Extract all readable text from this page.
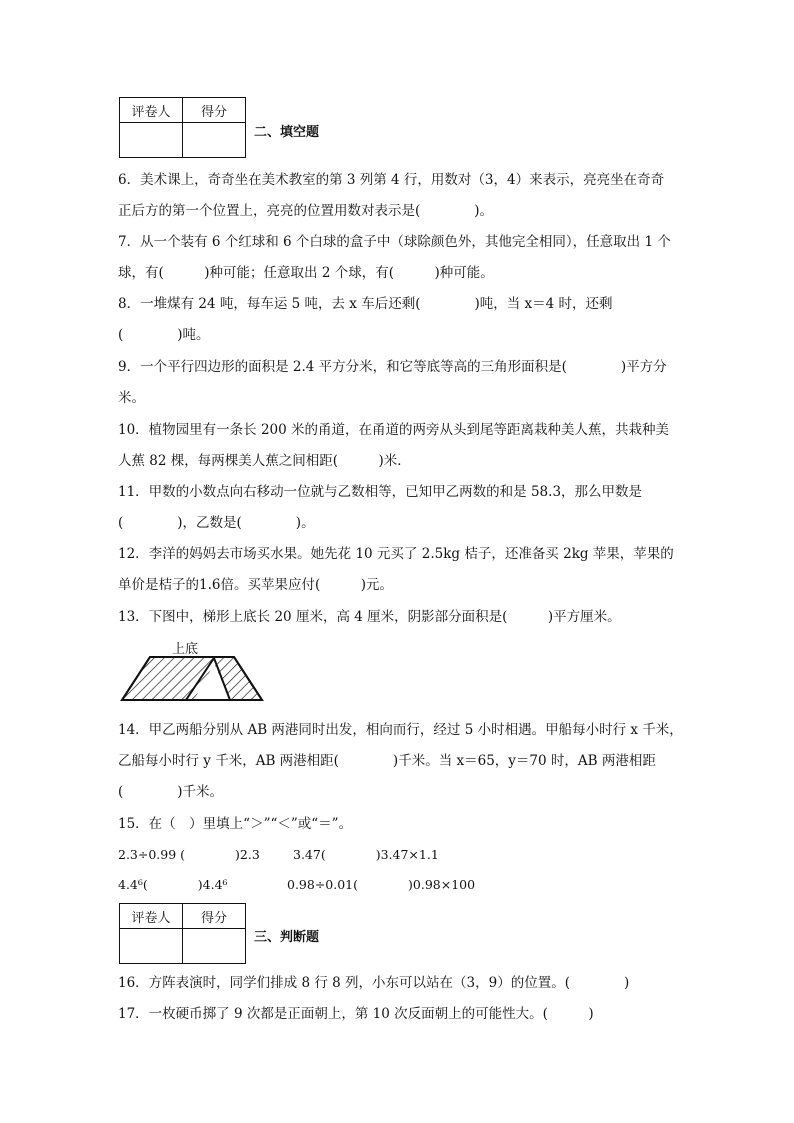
评卷人	得分

二、填空题
6．美术课上，奇奇坐在美术教室的第 3 列第 4 行，用数对（3，4）来表示，亮亮坐在奇奇
正后方的第一个位置上，亮亮的位置用数对表示是(　　　　)。
7．从一个装有 6 个红球和 6 个白球的盒子中（球除颜色外，其他完全相同），任意取出 1 个
球，有(　　　)种可能；任意取出 2 个球，有(　　　)种可能。
8．一堆煤有 24 吨，每车运 5 吨，去 x 车后还剩(　　　　)吨，当 x＝4 时，还剩
(　　　　)吨。
9．一个平行四边形的面积是 2.4 平方分米，和它等底等高的三角形面积是(　　　　)平方分
米。
10．植物园里有一条长 200 米的甬道，在甬道的两旁从头到尾等距离栽种美人蕉，共栽种美
人蕉 82 棵，每两棵美人蕉之间相距(　　　)米．
11．甲数的小数点向右移动一位就与乙数相等，已知甲乙两数的和是 58.3，那么甲数是
(　　　　)，乙数是(　　　　)。
12．李洋的妈妈去市场买水果。她先花 10 元买了 2.5kg 桔子，还准备买 2kg 苹果，苹果的
单价是桔子的1.6倍。买苹果应付(　　　)元。
13．下图中，梯形上底长 20 厘米，高 4 厘米，阴影部分面积是(　　　)平方厘米。
上底
14．甲乙两船分别从 AB 两港同时出发，相向而行，经过 5 小时相遇。甲船每小时行 x 千米，
乙船每小时行 y 千米，AB 两港相距(　　　　)千米。当 x＝65，y＝70 时，AB 两港相距
(　　　　)千米。
15．在（　）里填上“＞”“＜”或“＝”。
2.3÷0.99 (　　　　)2.3	3.47(　　　　)3.47×1.1
4.4⁶(　　　　)4.4⁶	0.98÷0.01(　　　　)0.98×100
评卷人	得分

三、判断题
16．方阵表演时，同学们排成 8 行 8 列，小东可以站在（3，9）的位置。(　　　　)
17．一枚硬币掷了 9 次都是正面朝上，第 10 次反面朝上的可能性大。(　　　)
